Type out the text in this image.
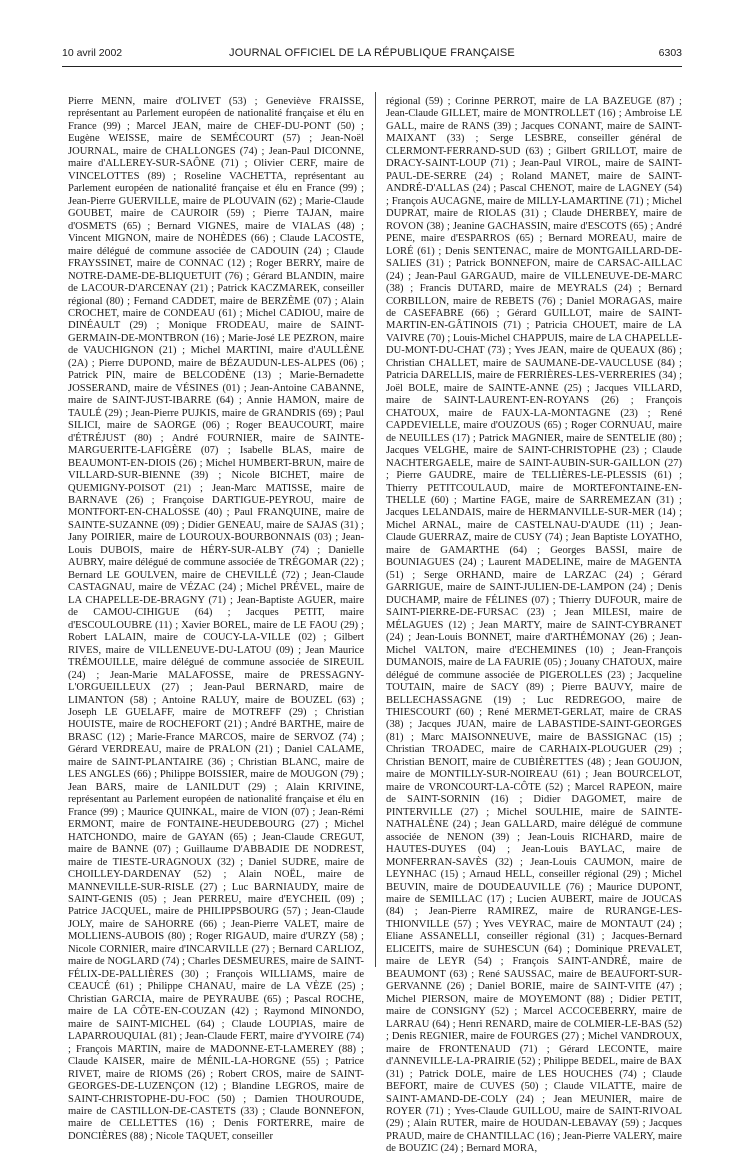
10 avril 2002	JOURNAL OFFICIEL DE LA RÉPUBLIQUE FRANÇAISE	6303

Pierre MENN, maire d'OLIVET (53) ; Geneviève FRAISSE, représentant au Parlement européen de nationalité française et élu en France (99) ; Marcel JEAN, maire de CHEF-DU-PONT (50) ; Eugène WEISSE, maire de SEMÉCOURT (57) ; Jean-Noël JOURNAL, maire de CHALLONGES (74) ; Jean-Paul DICONNE, maire d'ALLEREY-SUR-SAÔNE (71) ; Olivier CERF, maire de VINCELOTTES (89) ; Roseline VACHETTA, représentant au Parlement européen de nationalité française et élu en France (99) ; Jean-Pierre GUERVILLE, maire de PLOUVAIN (62) ; Marie-Claude GOUBET, maire de CAUROIR (59) ; Pierre TAJAN, maire d'OSMETS (65) ; Bernard VIGNES, maire de VIALAS (48) ; Vincent MIGNON, maire de NOHÈDES (66) ; Claude LACOSTE, maire délégué de commune associée de CADOUIN (24) ; Claude FRAYSSINET, maire de CONNAC (12) ; Roger BERRY, maire de NOTRE-DAME-DE-BLIQUETUIT (76) ; Gérard BLANDIN, maire de LACOUR-D'ARCENAY (21) ; Patrick KACZMAREK, conseiller régional (80) ; Fernand CADDET, maire de BERZÈME (07) ; Alain CROCHET, maire de CONDEAU (61) ; Michel CADIOU, maire de DINÉAULT (29) ; Monique FRODEAU, maire de SAINT-GERMAIN-DE-MONTBRON (16) ; Marie-José LE PEZRON, maire de VAUCHIGNON (21) ; Michel MARTINI, maire d'AULLÈNE (2A) ; Pierre DUPOND, maire de BÉZAUDUN-LES-ALPES (06) ; Patrick PIN, maire de BELCODÈNE (13) ; Marie-Bernadette JOSSERAND, maire de VÉSINES (01) ; Jean-Antoine CABANNE, maire de SAINT-JUST-IBARRE (64) ; Annie HAMON, maire de TAULÉ (29) ; Jean-Pierre PUJKIS, maire de GRANDRIS (69) ; Paul SILICI, maire de SAORGE (06) ; Roger BEAUCOURT, maire d'ÉTRÉJUST (80) ; André FOURNIER, maire de SAINTE-MARGUERITE-LAFIGÈRE (07) ; Isabelle BLAS, maire de BEAUMONT-EN-DIOIS (26) ; Michel HUMBERT-BRUN, maire de VILLARD-SUR-BIENNE (39) ; Nicole BICHET, maire de QUEMIGNY-POISOT (21) ; Jean-Marc MATISSE, maire de BARNAVE (26) ; Françoise DARTIGUE-PEYROU, maire de MONTFORT-EN-CHALOSSE (40) ; Paul FRANQUINE, maire de SAINTE-SUZANNE (09) ; Didier GENEAU, maire de SAJAS (31) ; Jany POIRIER, maire de LOUROUX-BOURBONNAIS (03) ; Jean-Louis DUBOIS, maire de HÉRY-SUR-ALBY (74) ; Danielle AUBRY, maire délégué de commune associée de TRÉGOMAR (22) ; Bernard LE GOULVEN, maire de CHEVILLÉ (72) ; Jean-Claude CASTAGNAU, maire de VÉZAC (24) ; Michel PRÉVEL, maire de LA CHAPELLE-DE-BRAGNY (71) ; Jean-Baptiste AGUER, maire de CAMOU-CIHIGUE (64) ; Jacques PETIT, maire d'ESCOULOUBRE (11) ; Xavier BOREL, maire de LE FAOU (29) ; Robert LALAIN, maire de COUCY-LA-VILLE (02) ; Gilbert RIVES, maire de VILLENEUVE-DU-LATOU (09) ; Jean Maurice TRÉMOUILLE, maire délégué de commune associée de SIREUIL (24) ; Jean-Marie MALAFOSSE, maire de PRESSAGNY-L'ORGUEILLEUX (27) ; Jean-Paul BERNARD, maire de LIMANTON (58) ; Antoine RALUY, maire de BOUZEL (63) ; Joseph LE GUELAFF, maire de MOTREFF (29) ; Christian HOUISTE, maire de ROCHEFORT (21) ; André BARTHE, maire de BRASC (12) ; Marie-France MARCOS, maire de SERVOZ (74) ; Gérard VERDREAU, maire de PRALON (21) ; Daniel CALAME, maire de SAINT-PLANTAIRE (36) ; Christian BLANC, maire de LES ANGLES (66) ; Philippe BOISSIER, maire de MOUGON (79) ; Jean BARS, maire de LANILDUT (29) ; Alain KRIVINE, représentant au Parlement européen de nationalité française et élu en France (99) ; Maurice QUINKAL, maire de VION (07) ; Jean-Rémi ERMONT, maire de FONTAINE-HEUDEBOURG (27) ; Michel HATCHONDO, maire de GAYAN (65) ; Jean-Claude CREGUT, maire de BANNE (07) ; Guillaume D'ABBADIE DE NODREST, maire de TIESTE-URAGNOUX (32) ; Daniel SUDRE, maire de CHOILLEY-DARDENAY (52) ; Alain NOËL, maire de MANNEVILLE-SUR-RISLE (27) ; Luc BARNIAUDY, maire de SAINT-GENIS (05) ; Jean PERREU, maire d'EYCHEIL (09) ; Patrice JACQUEL, maire de PHILIPPSBOURG (57) ; Jean-Claude JOLY, maire de SAHORRE (66) ; Jean-Pierre VALET, maire de MOLLIENS-AUBOIS (80) ; Roger RIGAUD, maire d'URZY (58) ; Nicole CORNIER, maire d'INCARVILLE (27) ; Bernard CARLIOZ, maire de NOGLARD (74) ; Charles DESMEURES, maire de SAINT-FÉLIX-DE-PALLIÈRES (30) ; François WILLIAMS, maire de CEAUCÉ (61) ; Philippe CHANAU, maire de LA VÈZE (25) ; Christian GARCIA, maire de PEYRAUBE (65) ; Pascal ROCHE, maire de LA CÔTE-EN-COUZAN (42) ; Raymond MINONDO, maire de SAINT-MICHEL (64) ; Claude LOUPIAS, maire de LAPARROUQUIAL (81) ; Jean-Claude FERT, maire d'YVOIRE (74) ; François MARTIN, maire de MADONNE-ET-LAMEREY (88) ; Claude KAISER, maire de MÉNIL-LA-HORGNE (55) ; Patrice RIVET, maire de RIOMS (26) ; Robert CROS, maire de SAINT-GEORGES-DE-LUZENÇON (12) ; Blandine LEGROS, maire de SAINT-CHRISTOPHE-DU-FOC (50) ; Damien THOUROUDE, maire de CASTILLON-DE-CASTETS (33) ; Claude BONNEFON, maire de CELLETTES (16) ; Denis FORTERRE, maire de DONCIÈRES (88) ; Nicole TAQUET, conseiller

régional (59) ; Corinne PERROT, maire de LA BAZEUGE (87) ; Jean-Claude GILLET, maire de MONTROLLET (16) ; Ambroise LE GALL, maire de RANS (39) ; Jacques CONANT, maire de SAINT-MAIXANT (33) ; Serge LESBRE, conseiller général de CLERMONT-FERRAND-SUD (63) ; Gilbert GRILLOT, maire de DRACY-SAINT-LOUP (71) ; Jean-Paul VIROL, maire de SAINT-PAUL-DE-SERRE (24) ; Roland MANET, maire de SAINT-ANDRÉ-D'ALLAS (24) ; Pascal CHENOT, maire de LAGNEY (54) ; François AUCAGNE, maire de MILLY-LAMARTINE (71) ; Michel DUPRAT, maire de RIOLAS (31) ; Claude DHERBEY, maire de ROVON (38) ; Jeanine GACHASSIN, maire d'ESCOTS (65) ; André PENE, maire d'ESPARROS (65) ; Bernard MOREAU, maire de LORÉ (61) ; Denis SENTENAC, maire de MONTGAILLARD-DE-SALIES (31) ; Patrick BONNEFON, maire de CARSAC-AILLAC (24) ; Jean-Paul GARGAUD, maire de VILLENEUVE-DE-MARC (38) ; Francis DUTARD, maire de MEYRALS (24) ; Bernard CORBILLON, maire de REBETS (76) ; Daniel MORAGAS, maire de CASEFABRE (66) ; Gérard GUILLOT, maire de SAINT-MARTIN-EN-GÂTINOIS (71) ; Patricia CHOUET, maire de LA VAIVRE (70) ; Louis-Michel CHAPPUIS, maire de LA CHAPELLE-DU-MONT-DU-CHAT (73) ; Yves JEAN, maire de QUEAUX (86) ; Christian CHALLET, maire de SAUMANE-DE-VAUCLUSE (84) ; Patricia DARELLIS, maire de FERRIÈRES-LES-VERRERIES (34) ; Joël BOLE, maire de SAINTE-ANNE (25) ; Jacques VILLARD, maire de SAINT-LAURENT-EN-ROYANS (26) ; François CHATOUX, maire de FAUX-LA-MONTAGNE (23) ; René CAPDEVIELLE, maire d'OUZOUS (65) ; Roger CORNUAU, maire de NEUILLES (17) ; Patrick MAGNIER, maire de SENTELIE (80) ; Jacques VELGHE, maire de SAINT-CHRISTOPHE (23) ; Claude NACHTERGAELE, maire de SAINT-AUBIN-SUR-GAILLON (27) ; Pierre GAUDRE, maire de TELLIÈRES-LE-PLESSIS (61) ; Thierry PETITCOULAUD, maire de MORTEFONTAINE-EN-THELLE (60) ; Martine FAGE, maire de SARREMEZAN (31) ; Jacques LELANDAIS, maire de HERMANVILLE-SUR-MER (14) ; Michel ARNAL, maire de CASTELNAU-D'AUDE (11) ; Jean-Claude GUERRAZ, maire de CUSY (74) ; Jean Baptiste LOYATHO, maire de GAMARTHE (64) ; Georges BASSI, maire de BOUNIAGUES (24) ; Laurent MADELINE, maire de MAGENTA (51) ; Serge ORHAND, maire de LARZAC (24) ; Gérard GARRIGUE, maire de SAINT-JULIEN-DE-LAMPON (24) ; Denis DUCHAMP, maire de FÉLINES (07) ; Thierry DUFOUR, maire de SAINT-PIERRE-DE-FURSAC (23) ; Jean MILESI, maire de MÉLAGUES (12) ; Jean MARTY, maire de SAINT-CYBRANET (24) ; Jean-Louis BONNET, maire d'ARTHÉMONAY (26) ; Jean-Michel VALTON, maire d'ECHEMINES (10) ; Jean-François DUMANOIS, maire de LA FAURIE (05) ; Jouany CHATOUX, maire délégué de commune associée de PIGEROLLES (23) ; Jacqueline TOUTAIN, maire de SACY (89) ; Pierre BAUVY, maire de BELLECHASSAGNE (19) ; Luc REDREGOO, maire de THIESCOURT (60) ; René MERMET-GERLAT, maire de CRAS (38) ; Jacques JUAN, maire de LABASTIDE-SAINT-GEORGES (81) ; Marc MAISONNEUVE, maire de BASSIGNAC (15) ; Christian TROADEC, maire de CARHAIX-PLOUGUER (29) ; Christian BENOIT, maire de CUBIÈRETTES (48) ; Jean GOUJON, maire de MONTILLY-SUR-NOIREAU (61) ; Jean BOURCELOT, maire de VRONCOURT-LA-CÔTE (52) ; Marcel RAPEON, maire de SAINT-SORNIN (16) ; Didier DAGOMET, maire de PINTERVILLE (27) ; Michel SOULHIE, maire de SAINTE-NATHALÈNE (24) ; Jean GALLARD, maire délégué de commune associée de NENON (39) ; Jean-Louis RICHARD, maire de HAUTES-DUYES (04) ; Jean-Louis BAYLAC, maire de MONFERRAN-SAVÈS (32) ; Jean-Louis CAUMON, maire de LEYNHAC (15) ; Arnaud HELL, conseiller régional (29) ; Michel BEUVIN, maire de DOUDEAUVILLE (76) ; Maurice DUPONT, maire de SEMILLAC (17) ; Lucien AUBERT, maire de JOUCAS (84) ; Jean-Pierre RAMIREZ, maire de RURANGE-LES-THIONVILLE (57) ; Yves VEYRAC, maire de MONTAUT (24) ; Eliane ASSANELLI, conseiller régional (31) ; Jacques-Bernard ELICEITS, maire de SUHESCUN (64) ; Dominique PREVALET, maire de LEYR (54) ; François SAINT-ANDRÉ, maire de BEAUMONT (63) ; René SAUSSAC, maire de BEAUFORT-SUR-GERVANNE (26) ; Daniel BORIE, maire de SAINT-VITE (47) ; Michel PIERSON, maire de MOYEMONT (88) ; Didier PETIT, maire de CONSIGNY (52) ; Marcel ACCOCEBERRY, maire de LARRAU (64) ; Henri RENARD, maire de COLMIER-LE-BAS (52) ; Denis REGNIER, maire de FOURGES (27) ; Michel VANDROUX, maire de FRONTENAUD (71) ; Gérard LECONTE, maire d'ANNEVILLE-LA-PRAIRIE (52) ; Philippe BEDEL, maire de BAX (31) ; Patrick DOLE, maire de LES HOUCHES (74) ; Claude BEFORT, maire de CUVES (50) ; Claude VILATTE, maire de SAINT-AMAND-DE-COLY (24) ; Jean MEUNIER, maire de ROYER (71) ; Yves-Claude GUILLOU, maire de SAINT-RIVOAL (29) ; Alain RUTER, maire de HOUDAN-LEBAVAY (59) ; Jacques PRAUD, maire de CHANTILLAC (16) ; Jean-Pierre VALERY, maire de BOUZIC (24) ; Bernard MORA,
